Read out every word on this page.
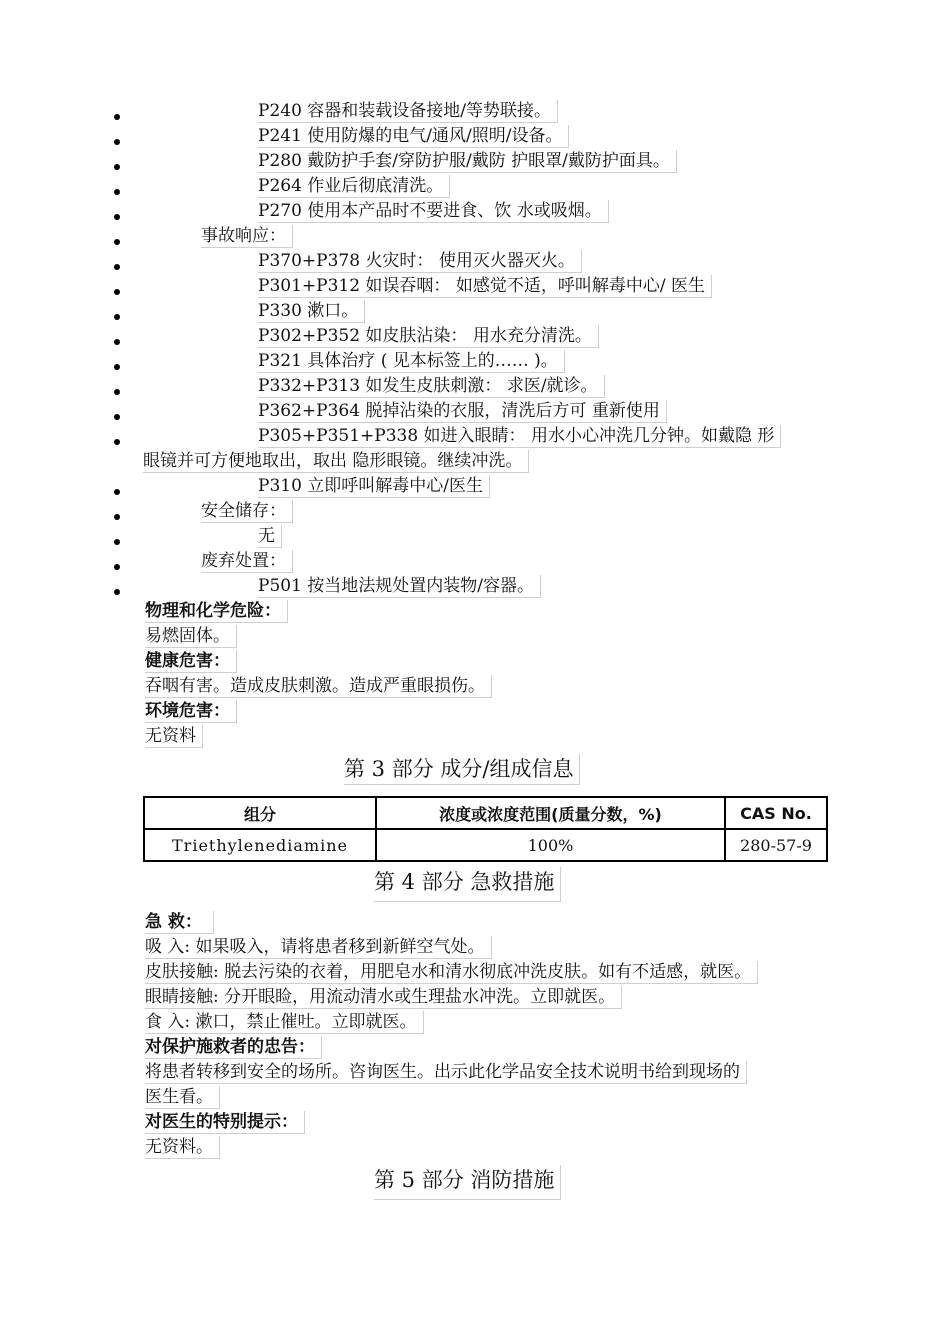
P240 容器和装载设备接地/等势联接。
P241 使用防爆的电气/通风/照明/设备。
P280 戴防护手套/穿防护服/戴防 护眼罩/戴防护面具。
P264 作业后彻底清洗。
P270 使用本产品时不要进食、饮 水或吸烟。
事故响应：
P370+P378 火灾时： 使用灭火器灭火。
P301+P312 如误吞咽： 如感觉不适，呼叫解毒中心/ 医生
P330 漱口。
P302+P352 如皮肤沾染： 用水充分清洗。
P321 具体治疗 ( 见本标签上的…… )。
P332+P313 如发生皮肤刺激： 求医/就诊。
P362+P364 脱掉沾染的衣服，清洗后方可 重新使用
P305+P351+P338 如进入眼睛： 用水小心冲洗几分钟。如戴隐 形
眼镜并可方便地取出，取出 隐形眼镜。继续冲洗。
P310 立即呼叫解毒中心/医生
安全储存：
无
废弃处置：
P501 按当地法规处置内装物/容器。
物理和化学危险：
易燃固体。
健康危害：
吞咽有害。造成皮肤刺激。造成严重眼损伤。
环境危害：
无资料
第 3 部分 成分/组成信息
组分	浓度或浓度范围(质量分数，%)	CAS No.
Triethylenediamine	100%	280-57-9
第 4 部分 急救措施
急 救：
吸 入: 如果吸入，请将患者移到新鲜空气处。
皮肤接触: 脱去污染的衣着，用肥皂水和清水彻底冲洗皮肤。如有不适感，就医。
眼睛接触: 分开眼睑，用流动清水或生理盐水冲洗。立即就医。
食 入: 漱口，禁止催吐。立即就医。
对保护施救者的忠告：
将患者转移到安全的场所。咨询医生。出示此化学品安全技术说明书给到现场的
医生看。
对医生的特别提示：
无资料。
第 5 部分 消防措施
